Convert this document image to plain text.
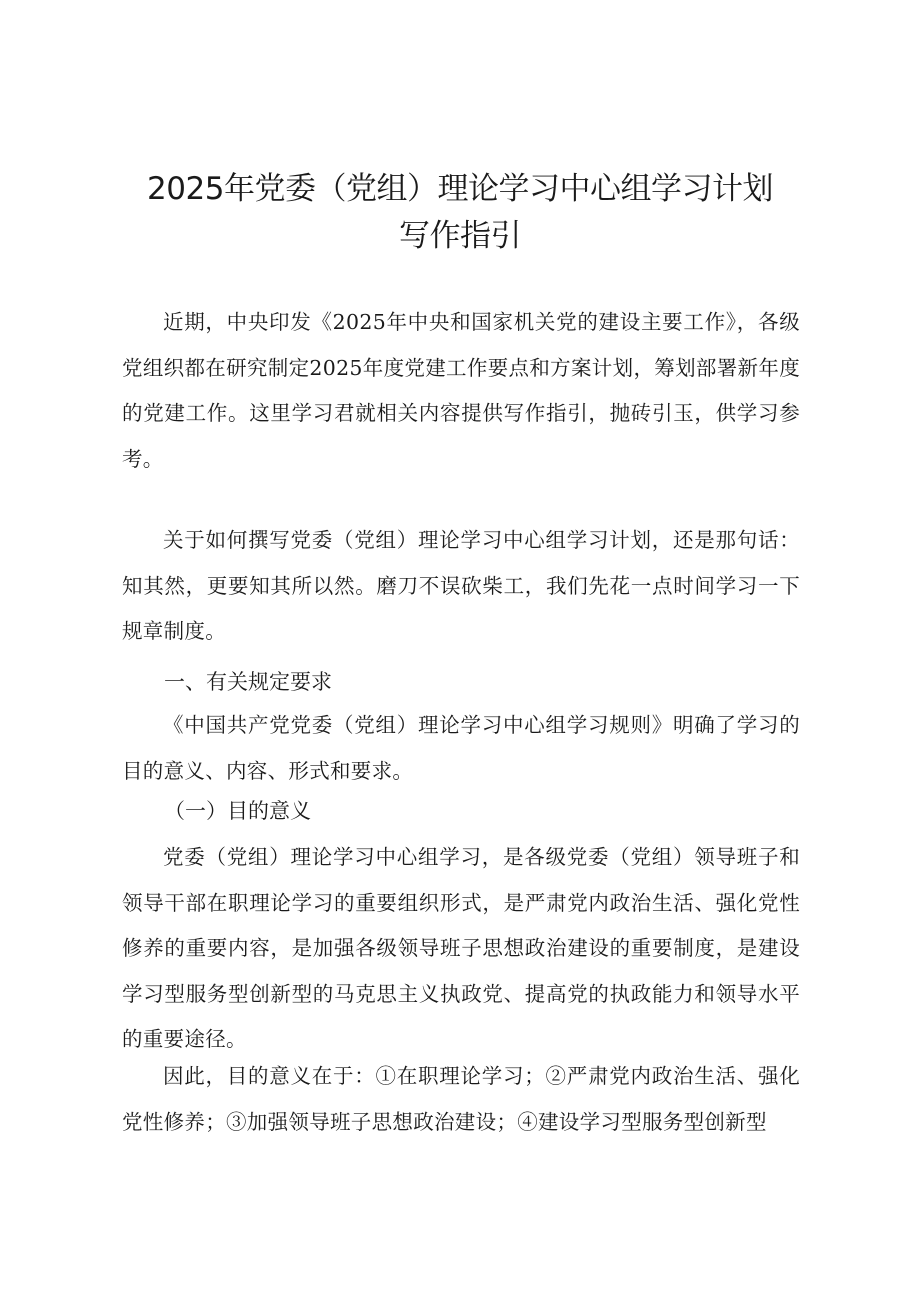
2025年党委（党组）理论学习中心组学习计划

写作指引

近期，中央印发《2025年中央和国家机关党的建设主要工作》，各级党组织都在研究制定2025年度党建工作要点和方案计划，筹划部署新年度的党建工作。这里学习君就相关内容提供写作指引，抛砖引玉，供学习参考。

关于如何撰写党委（党组）理论学习中心组学习计划，还是那句话：知其然，更要知其所以然。磨刀不误砍柴工，我们先花一点时间学习一下规章制度。

一、有关规定要求

《中国共产党党委（党组）理论学习中心组学习规则》明确了学习的目的意义、内容、形式和要求。

（一）目的意义

党委（党组）理论学习中心组学习，是各级党委（党组）领导班子和领导干部在职理论学习的重要组织形式，是严肃党内政治生活、强化党性修养的重要内容，是加强各级领导班子思想政治建设的重要制度，是建设学习型服务型创新型的马克思主义执政党、提高党的执政能力和领导水平的重要途径。

因此，目的意义在于：①在职理论学习；②严肃党内政治生活、强化党性修养；③加强领导班子思想政治建设；④建设学习型服务型创新型
